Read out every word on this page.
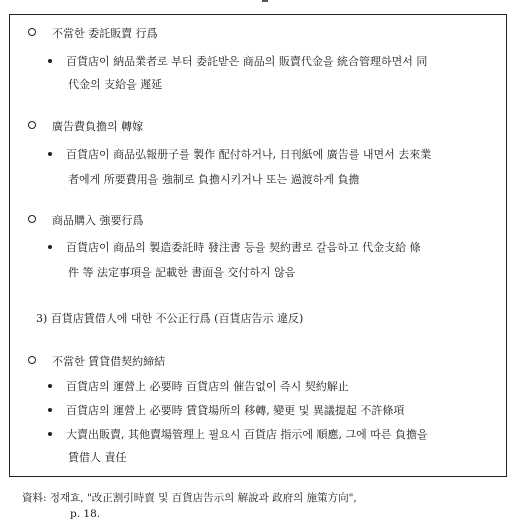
不當한 委託販賣 行爲
百貨店이 納品業者로 부터 委託받은 商品의 販賣代金을 統合管理하면서 同
代金의 支給을 遲延
廣告費負擔의 轉嫁
百貨店이 商品弘報册子를 製作 配付하거나, 日刊紙에 廣告를 내면서 去來業
者에게 所要費用을 強制로 負擔시키거나 또는 過渡하게 負擔
商品購入 強要行爲
百貨店이 商品의 製造委託時 發注書 등을 契約書로 갈음하고 代金支給 條
件 等 法定事項을 記載한 書面을 交付하지 않음
3) 百貨店賃借人에 대한 不公正行爲 (百貨店告示 違反)
不當한 賃貸借契約締結
百貨店의 運營上 必要時 百貨店의 催告없이 즉시 契約解止
百貨店의 運營上 必要時 賃貸場所의 移轉, 變更 및 異議提起 不許條項
大賣出販賣, 其他賣場管理上 필요시 百貨店 指示에 順應, 그에 따른 負擔을
賃借人 責任
資料: 정재효, "改正割引時賣 및 百貨店告示의 解說과 政府의 施策方向",
p. 18.
